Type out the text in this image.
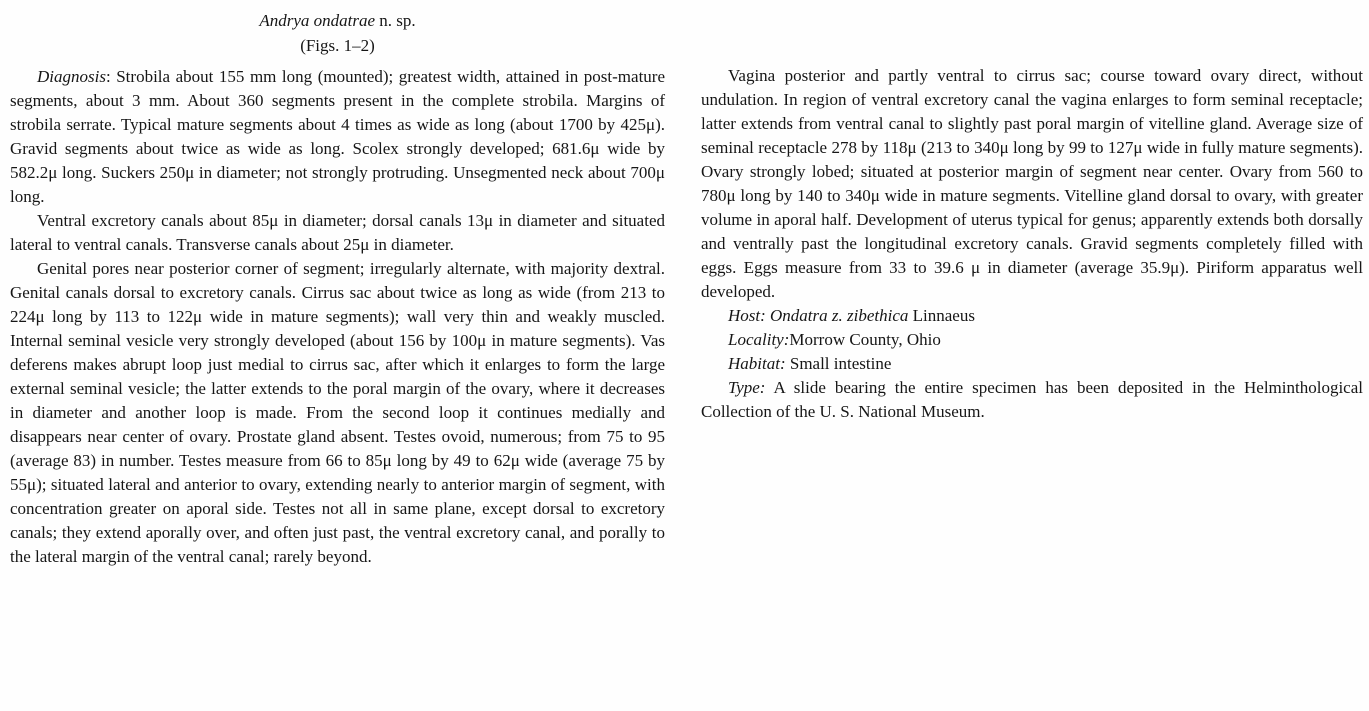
Andrya ondatrae n. sp.
(Figs. 1–2)

Diagnosis: Strobila about 155 mm long (mounted); greatest width, attained in post-mature segments, about 3 mm. About 360 segments present in the complete strobila. Margins of strobila serrate. Typical mature segments about 4 times as wide as long (about 1700 by 425μ). Gravid segments about twice as wide as long. Scolex strongly developed; 681.6μ wide by 582.2μ long. Suckers 250μ in diameter; not strongly protruding. Unsegmented neck about 700μ long.

Ventral excretory canals about 85μ in diameter; dorsal canals 13μ in diameter and situated lateral to ventral canals. Transverse canals about 25μ in diameter.

Genital pores near posterior corner of segment; irregularly alternate, with majority dextral. Genital canals dorsal to excretory canals. Cirrus sac about twice as long as wide (from 213 to 224μ long by 113 to 122μ wide in mature segments); wall very thin and weakly muscled. Internal seminal vesicle very strongly developed (about 156 by 100μ in mature segments). Vas deferens makes abrupt loop just medial to cirrus sac, after which it enlarges to form the large external seminal vesicle; the latter extends to the poral margin of the ovary, where it decreases in diameter and another loop is made. From the second loop it continues medially and disappears near center of ovary. Prostate gland absent. Testes ovoid, numerous; from 75 to 95 (average 83) in number. Testes measure from 66 to 85μ long by 49 to 62μ wide (average 75 by 55μ); situated lateral and anterior to ovary, extending nearly to anterior margin of segment, with concentration greater on aporal side. Testes not all in same plane, except dorsal to excretory canals; they extend aporally over, and often just past, the ventral excretory canal, and porally to the lateral margin of the ventral canal; rarely beyond.

Vagina posterior and partly ventral to cirrus sac; course toward ovary direct, without undulation. In region of ventral excretory canal the vagina enlarges to form seminal receptacle; latter extends from ventral canal to slightly past poral margin of vitelline gland. Average size of seminal receptacle 278 by 118μ (213 to 340μ long by 99 to 127μ wide in fully mature segments). Ovary strongly lobed; situated at posterior margin of segment near center. Ovary from 560 to 780μ long by 140 to 340μ wide in mature segments. Vitelline gland dorsal to ovary, with greater volume in aporal half. Development of uterus typical for genus; apparently extends both dorsally and ventrally past the longitudinal excretory canals. Gravid segments completely filled with eggs. Eggs measure from 33 to 39.6 μ in diameter (average 35.9μ). Piriform apparatus well developed.

Host: Ondatra z. zibethica Linnaeus

Locality:Morrow County, Ohio

Habitat: Small intestine

Type: A slide bearing the entire specimen has been deposited in the Helminthological Collection of the U. S. National Museum.
